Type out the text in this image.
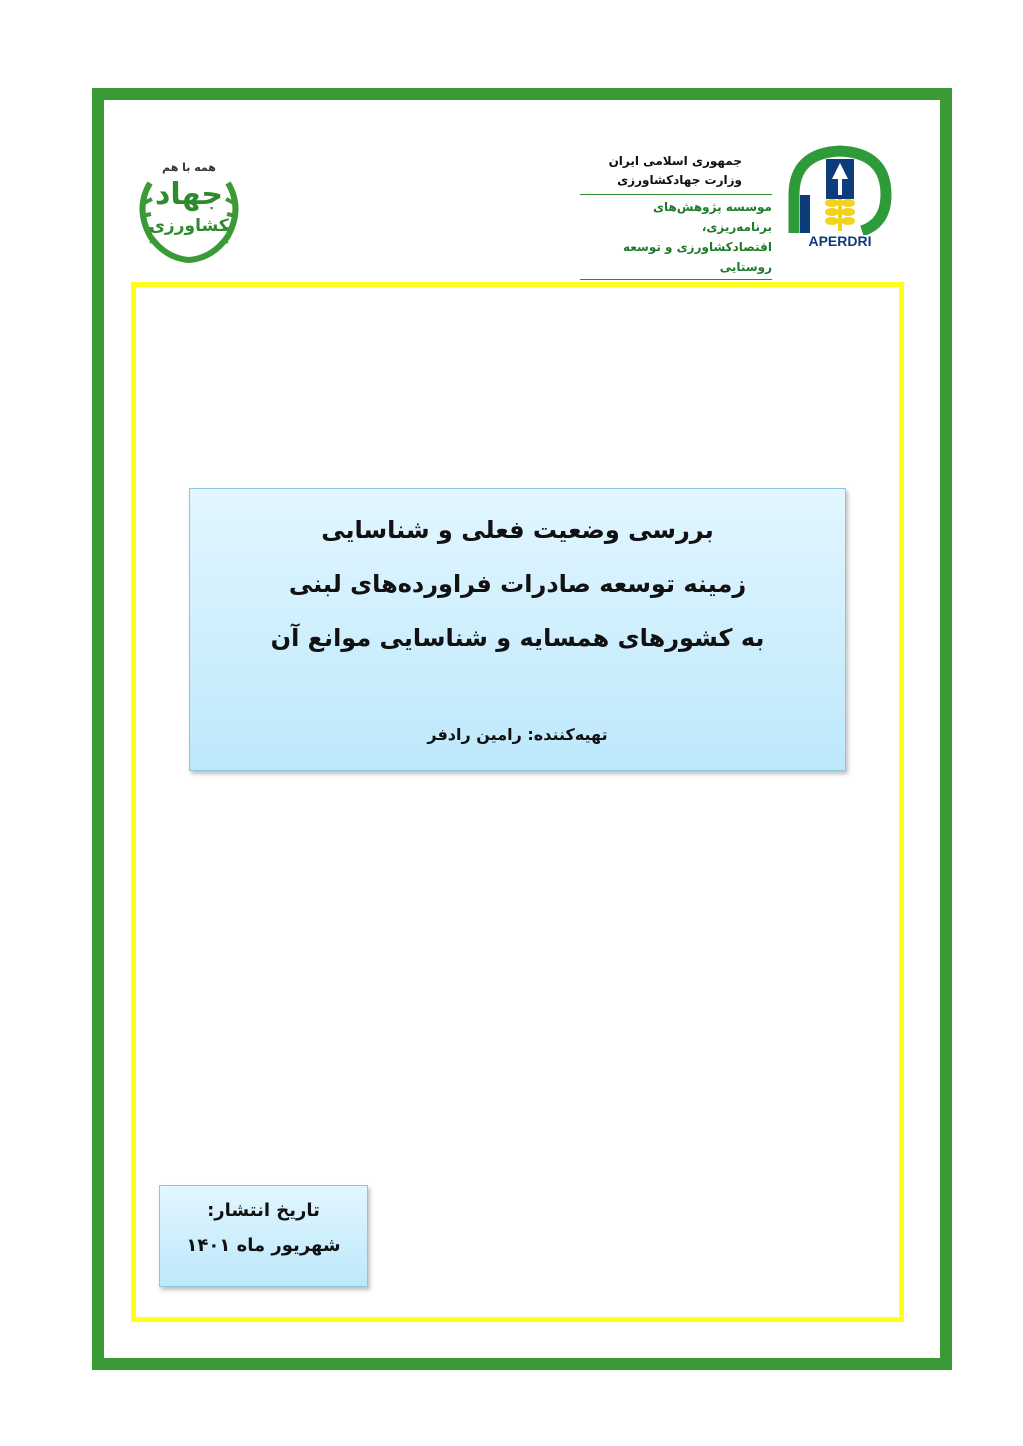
همه با هم
جهاد
کشاورزی
جمهوری اسلامی ایران
وزارت جهادکشاورزی
موسسه پژوهش‌های برنامه‌ریزی،
اقتصادکشاورزی و توسعه روستایی
APERDRI
بررسی وضعیت فعلی و شناسایی
زمینه توسعه صادرات فراورده‌های لبنی
به کشورهای همسایه و شناسایی موانع آن
تهیه‌کننده: رامین رادفر
تاریخ انتشار:
شهریور ماه ۱۴۰۱
